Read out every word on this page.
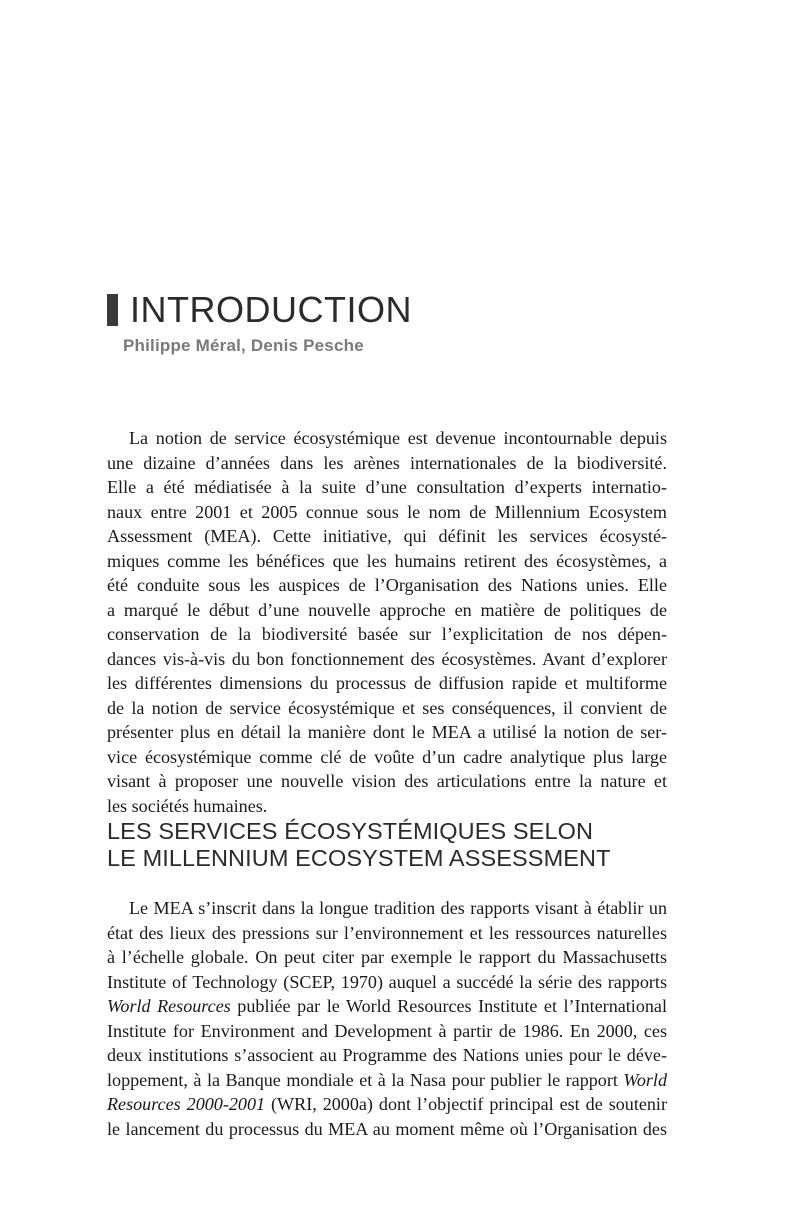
INTRODUCTION
Philippe Méral, Denis Pesche
La notion de service écosystémique est devenue incontournable depuis
une dizaine d’années dans les arènes internationales de la biodiversité.
Elle a été médiatisée à la suite d’une consultation d’experts internatio-
naux entre 2001 et 2005 connue sous le nom de Millennium Ecosystem
Assessment (MEA). Cette initiative, qui définit les services écosysté-
miques comme les bénéfices que les humains retirent des écosystèmes, a
été conduite sous les auspices de l’Organisation des Nations unies. Elle
a marqué le début d’une nouvelle approche en matière de politiques de
conservation de la biodiversité basée sur l’explicitation de nos dépen-
dances vis-à-vis du bon fonctionnement des écosystèmes. Avant d’explorer
les différentes dimensions du processus de diffusion rapide et multiforme
de la notion de service écosystémique et ses conséquences, il convient de
présenter plus en détail la manière dont le MEA a utilisé la notion de ser-
vice écosystémique comme clé de voûte d’un cadre analytique plus large
visant à proposer une nouvelle vision des articulations entre la nature et
les sociétés humaines.
LES SERVICES ÉCOSYSTÉMIQUES SELON
LE MILLENNIUM ECOSYSTEM ASSESSMENT
Le MEA s’inscrit dans la longue tradition des rapports visant à établir un
état des lieux des pressions sur l’environnement et les ressources naturelles
à l’échelle globale. On peut citer par exemple le rapport du Massachusetts
Institute of Technology (SCEP, 1970) auquel a succédé la série des rapports
World Resources publiée par le World Resources Institute et l’International
Institute for Environment and Development à partir de 1986. En 2000, ces
deux institutions s’associent au Programme des Nations unies pour le déve-
loppement, à la Banque mondiale et à la Nasa pour publier le rapport World
Resources 2000-2001 (WRI, 2000a) dont l’objectif principal est de soutenir
le lancement du processus du MEA au moment même où l’Organisation des
